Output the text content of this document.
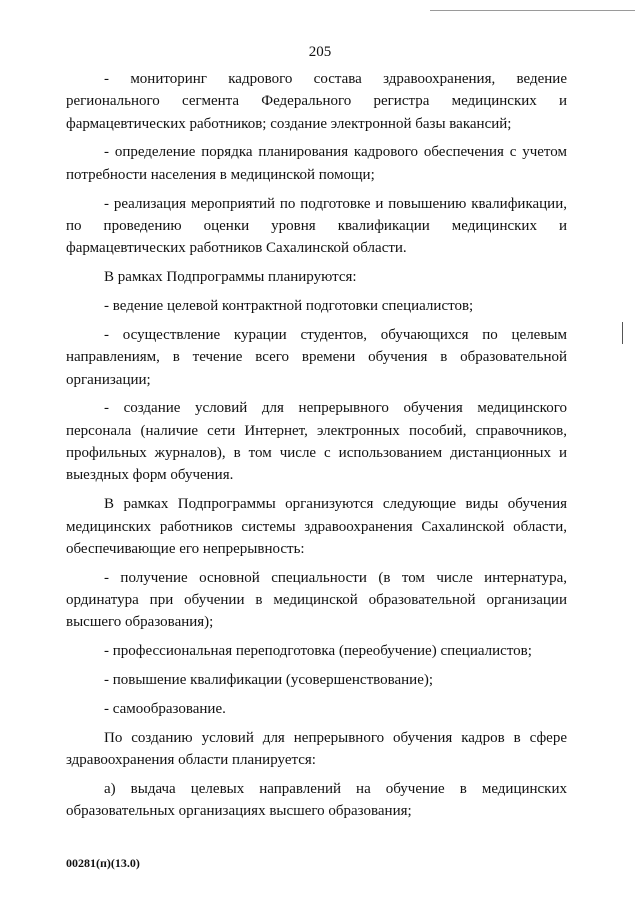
205

- мониторинг кадрового состава здравоохранения, ведение регионального сегмента Федерального регистра медицинских и фармацевтических работников; создание электронной базы вакансий;

- определение порядка планирования кадрового обеспечения с учетом потребности населения в медицинской помощи;

- реализация мероприятий по подготовке и повышению квалификации, по проведению оценки уровня квалификации медицинских и фармацевтических работников Сахалинской области.

В рамках Подпрограммы планируются:

- ведение целевой контрактной подготовки специалистов;

- осуществление курации студентов, обучающихся по целевым направлениям, в течение всего времени обучения в образовательной организации;

- создание условий для непрерывного обучения медицинского персонала (наличие сети Интернет, электронных пособий, справочников, профильных журналов), в том числе с использованием дистанционных и выездных форм обучения.

В рамках Подпрограммы организуются следующие виды обучения медицинских работников системы здравоохранения Сахалинской области, обеспечивающие его непрерывность:

- получение основной специальности (в том числе интернатура, ординатура при обучении в медицинской образовательной организации высшего образования);

- профессиональная переподготовка (переобучение) специалистов;

- повышение квалификации (усовершенствование);

- самообразование.

По созданию условий для непрерывного обучения кадров в сфере здравоохранения области планируется:

а) выдача целевых направлений на обучение в медицинских образовательных организациях высшего образования;

00281(п)(13.0)
